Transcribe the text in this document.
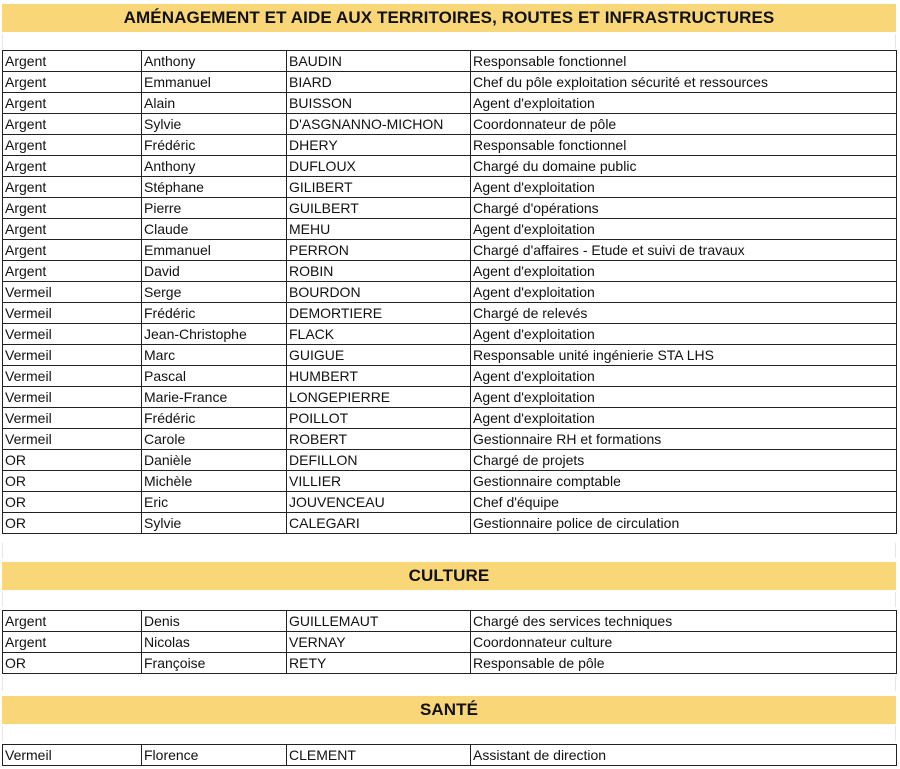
AMÉNAGEMENT ET AIDE AUX TERRITOIRES, ROUTES ET INFRASTRUCTURES
Argent	Anthony	BAUDIN	Responsable fonctionnel
Argent	Emmanuel	BIARD	Chef du pôle exploitation sécurité et ressources
Argent	Alain	BUISSON	Agent d'exploitation
Argent	Sylvie	D'ASGNANNO-MICHON	Coordonnateur de pôle
Argent	Frédéric	DHERY	Responsable fonctionnel
Argent	Anthony	DUFLOUX	Chargé du domaine public
Argent	Stéphane	GILIBERT	Agent d'exploitation
Argent	Pierre	GUILBERT	Chargé d'opérations
Argent	Claude	MEHU	Agent d'exploitation
Argent	Emmanuel	PERRON	Chargé d'affaires - Etude et suivi de travaux
Argent	David	ROBIN	Agent d'exploitation
Vermeil	Serge	BOURDON	Agent d'exploitation
Vermeil	Frédéric	DEMORTIERE	Chargé de relevés
Vermeil	Jean-Christophe	FLACK	Agent d'exploitation
Vermeil	Marc	GUIGUE	Responsable unité ingénierie STA LHS
Vermeil	Pascal	HUMBERT	Agent d'exploitation
Vermeil	Marie-France	LONGEPIERRE	Agent d'exploitation
Vermeil	Frédéric	POILLOT	Agent d'exploitation
Vermeil	Carole	ROBERT	Gestionnaire RH et formations
OR	Danièle	DEFILLON	Chargé de projets
OR	Michèle	VILLIER	Gestionnaire comptable
OR	Eric	JOUVENCEAU	Chef d'équipe
OR	Sylvie	CALEGARI	Gestionnaire police de circulation
CULTURE
Argent	Denis	GUILLEMAUT	Chargé des services techniques
Argent	Nicolas	VERNAY	Coordonnateur culture
OR	Françoise	RETY	Responsable de pôle
SANTÉ
Vermeil	Florence	CLEMENT	Assistant de direction
